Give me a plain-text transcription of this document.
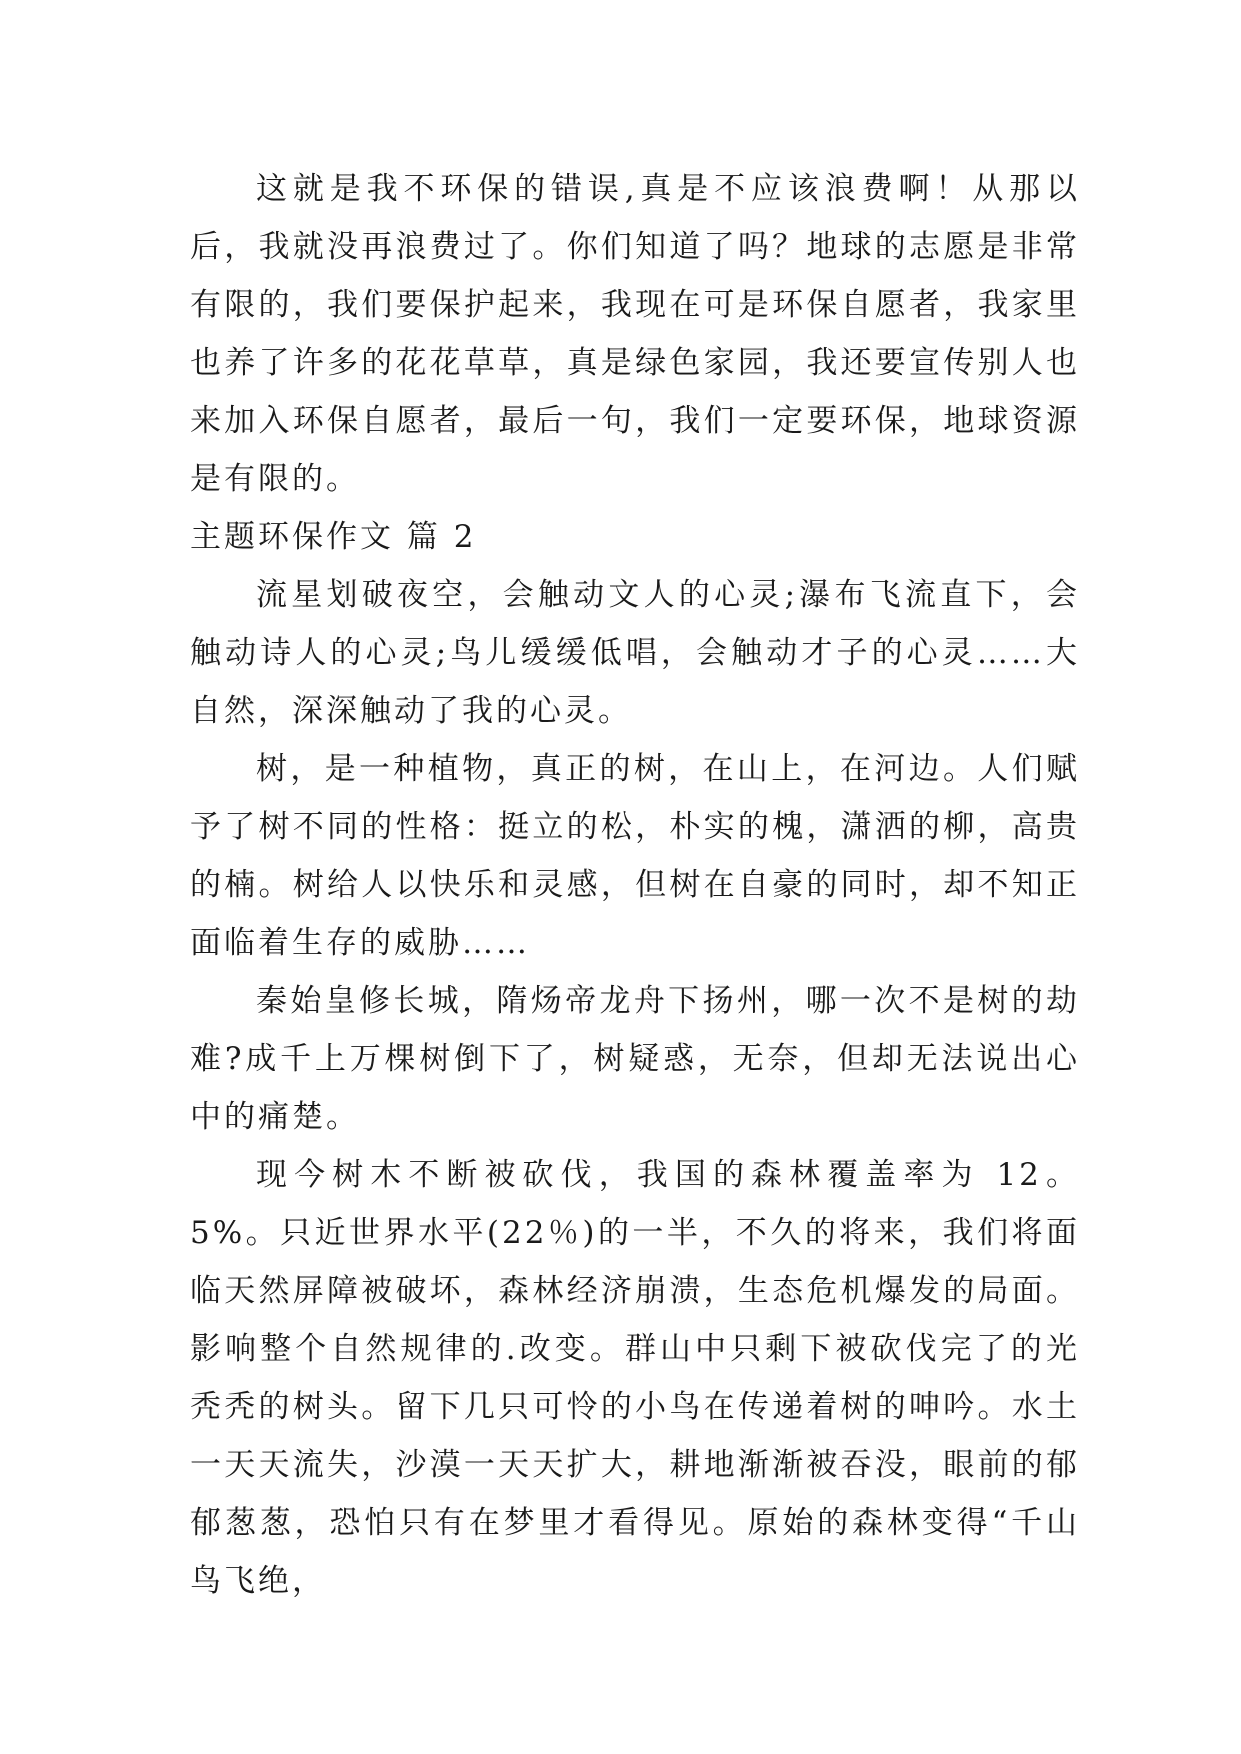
这就是我不环保的错误,真是不应该浪费啊！从那以后，我就没再浪费过了。你们知道了吗？地球的志愿是非常有限的，我们要保护起来，我现在可是环保自愿者，我家里也养了许多的花花草草，真是绿色家园，我还要宣传别人也来加入环保自愿者，最后一句，我们一定要环保，地球资源是有限的。

主题环保作文 篇 2

流星划破夜空，会触动文人的心灵;瀑布飞流直下，会触动诗人的心灵;鸟儿缓缓低唱，会触动才子的心灵……大自然，深深触动了我的心灵。

树，是一种植物，真正的树，在山上，在河边。人们赋予了树不同的性格：挺立的松，朴实的槐，潇洒的柳，高贵的楠。树给人以快乐和灵感，但树在自豪的同时，却不知正面临着生存的威胁……

秦始皇修长城，隋炀帝龙舟下扬州，哪一次不是树的劫难?成千上万棵树倒下了，树疑惑，无奈，但却无法说出心中的痛楚。

现今树木不断被砍伐，我国的森林覆盖率为 12。5%。只近世界水平(22％)的一半，不久的将来，我们将面临天然屏障被破坏，森林经济崩溃，生态危机爆发的局面。影响整个自然规律的.改变。群山中只剩下被砍伐完了的光秃秃的树头。留下几只可怜的小鸟在传递着树的呻吟。水土一天天流失，沙漠一天天扩大，耕地渐渐被吞没，眼前的郁郁葱葱，恐怕只有在梦里才看得见。原始的森林变得“千山鸟飞绝，
